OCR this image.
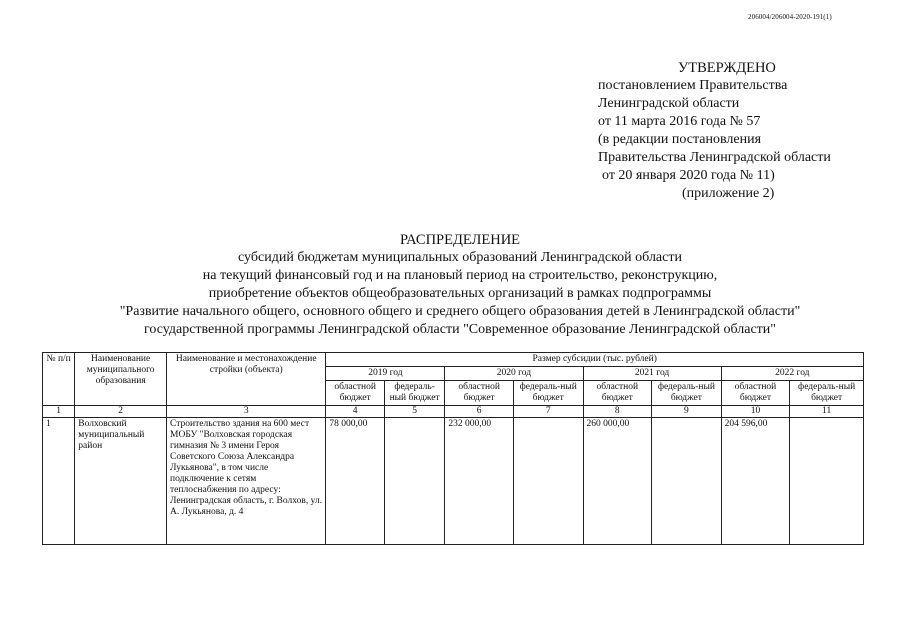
206004/206004-2020-191(1)
УТВЕРЖДЕНО
постановлением Правительства
Ленинградской области
от 11 марта 2016 года № 57
(в редакции постановления
Правительства Ленинградской области
от 20 января 2020 года № 11)
(приложение 2)
РАСПРЕДЕЛЕНИЕ
субсидий бюджетам муниципальных образований Ленинградской области
на текущий финансовый год и на плановый период на строительство, реконструкцию,
приобретение объектов общеобразовательных организаций в рамках подпрограммы
"Развитие начального общего, основного общего и среднего общего образования детей в Ленинградской области"
государственной программы Ленинградской области "Современное образование Ленинградской области"
№ п/п	Наименование муниципального образования	Наименование и местонахождение стройки (объекта)	Размер субсидии (тыс. рублей)							
			2019 год		2020 год		2021 год		2022 год	
			областной бюджет	федераль-ный бюджет	областной бюджет	федераль-ный бюджет	областной бюджет	федераль-ный бюджет	областной бюджет	федераль-ный бюджет
1	2	3	4	5	6	7	8	9	10	11
1	Волховский муниципальный район	Строительство здания на 600 мест МОБУ "Волховская городская гимназия № 3 имени Героя Советского Союза Александра Лукьянова", в том числе подключение к сетям теплоснабжения по адресу: Ленинградская область, г. Волхов, ул. А. Лукьянова, д. 4	78 000,00		232 000,00		260 000,00		204 596,00	
